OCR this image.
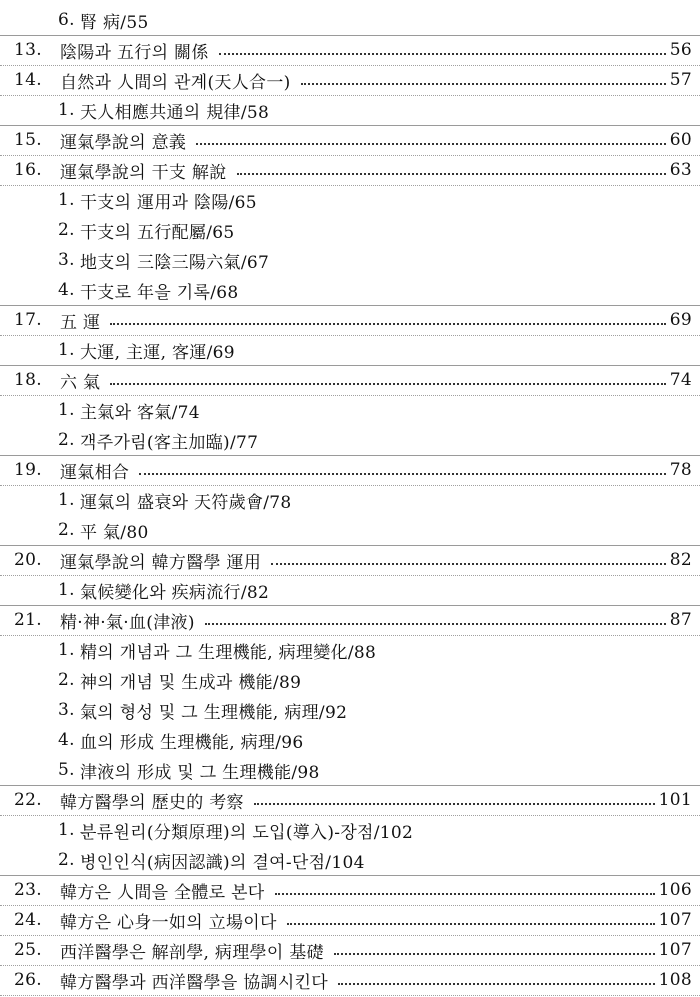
6. 腎 病/55
13.	陰陽과 五行의 關係	56
14.	自然과 人間의 관계(天人合一)	57
1. 天人相應共通의 規律/58
15.	運氣學說의 意義	60
16.	運氣學說의 干支 解說	63
1. 干支의 運用과 陰陽/65
2. 干支의 五行配屬/65
3. 地支의 三陰三陽六氣/67
4. 干支로 年을 기록/68
17.	五 運	69
1. 大運, 主運, 客運/69
18.	六 氣	74
1. 主氣와 客氣/74
2. 객주가림(客主加臨)/77
19.	運氣相合	78
1. 運氣의 盛衰와 天符歲會/78
2. 平 氣/80
20.	運氣學說의 韓方醫學 運用	82
1. 氣候變化와 疾病流行/82
21.	精·神·氣·血(津液)	87
1. 精의 개념과 그 生理機能, 病理變化/88
2. 神의 개념 및 生成과 機能/89
3. 氣의 형성 및 그 生理機能, 病理/92
4. 血의 形成 生理機能, 病理/96
5. 津液의 形成 및 그 生理機能/98
22.	韓方醫學의 歷史的 考察	101
1. 분류원리(分類原理)의 도입(導入)-장점/102
2. 병인인식(病因認識)의 결여-단점/104
23.	韓方은 人間을 全體로 본다	106
24.	韓方은 心身一如의 立場이다	107
25.	西洋醫學은 解剖學, 病理學이 基礎	107
26.	韓方醫學과 西洋醫學을 協調시킨다	108
